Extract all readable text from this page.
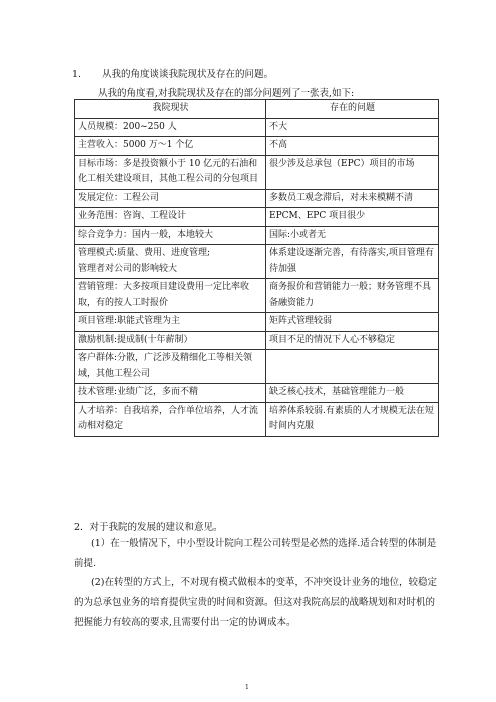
1. 从我的角度谈谈我院现状及存在的问题。
从我的角度看,对我院现状及存在的部分问题列了一张表,如下:
我院现状	存在的问题
人员规模：200~250 人	不大
主营收入：5000 万～1 个亿	不高
目标市场：多是投资额小于 10 亿元的石油和化工相关建设项目，其他工程公司的分包项目	很少涉及总承包（EPC）项目的市场
发展定位：工程公司	多数员工观念滞后，对未来模糊不清
业务范围：咨询、工程设计	EPCM、EPC 项目很少
综合竞争力：国内一般，本地较大	国际:小或者无
管理模式:质量、费用、进度管理;
管理者对公司的影响较大	体系建设逐渐完善，有待落实,项目管理有待加强
营销管理：大多按项目建设费用一定比率收取，有的按人工时报价	商务报价和营销能力一般；财务管理不具备融资能力
项目管理:职能式管理为主	矩阵式管理较弱
激励机制:提成制(十年薪制）	项目不足的情况下人心不够稳定
客户群体:分散，广泛涉及精细化工等相关领域，其他工程公司	
技术管理:业绩广泛，多而不精	缺乏核心技术，基础管理能力一般
人才培养：自我培养，合作单位培养，人才流动相对稳定	培养体系较弱.有素质的人才规模无法在短时间内克服
2．对于我院的发展的建议和意见。
(1）在一般情况下，中小型设计院向工程公司转型是必然的选择.适合转型的体制是前提.
(2)在转型的方式上，不对现有模式做根本的变革，不冲突设计业务的地位，较稳定的为总承包业务的培育提供宝贵的时间和资源。但这对我院高层的战略规划和对时机的把握能力有较高的要求,且需要付出一定的协调成本。
1
